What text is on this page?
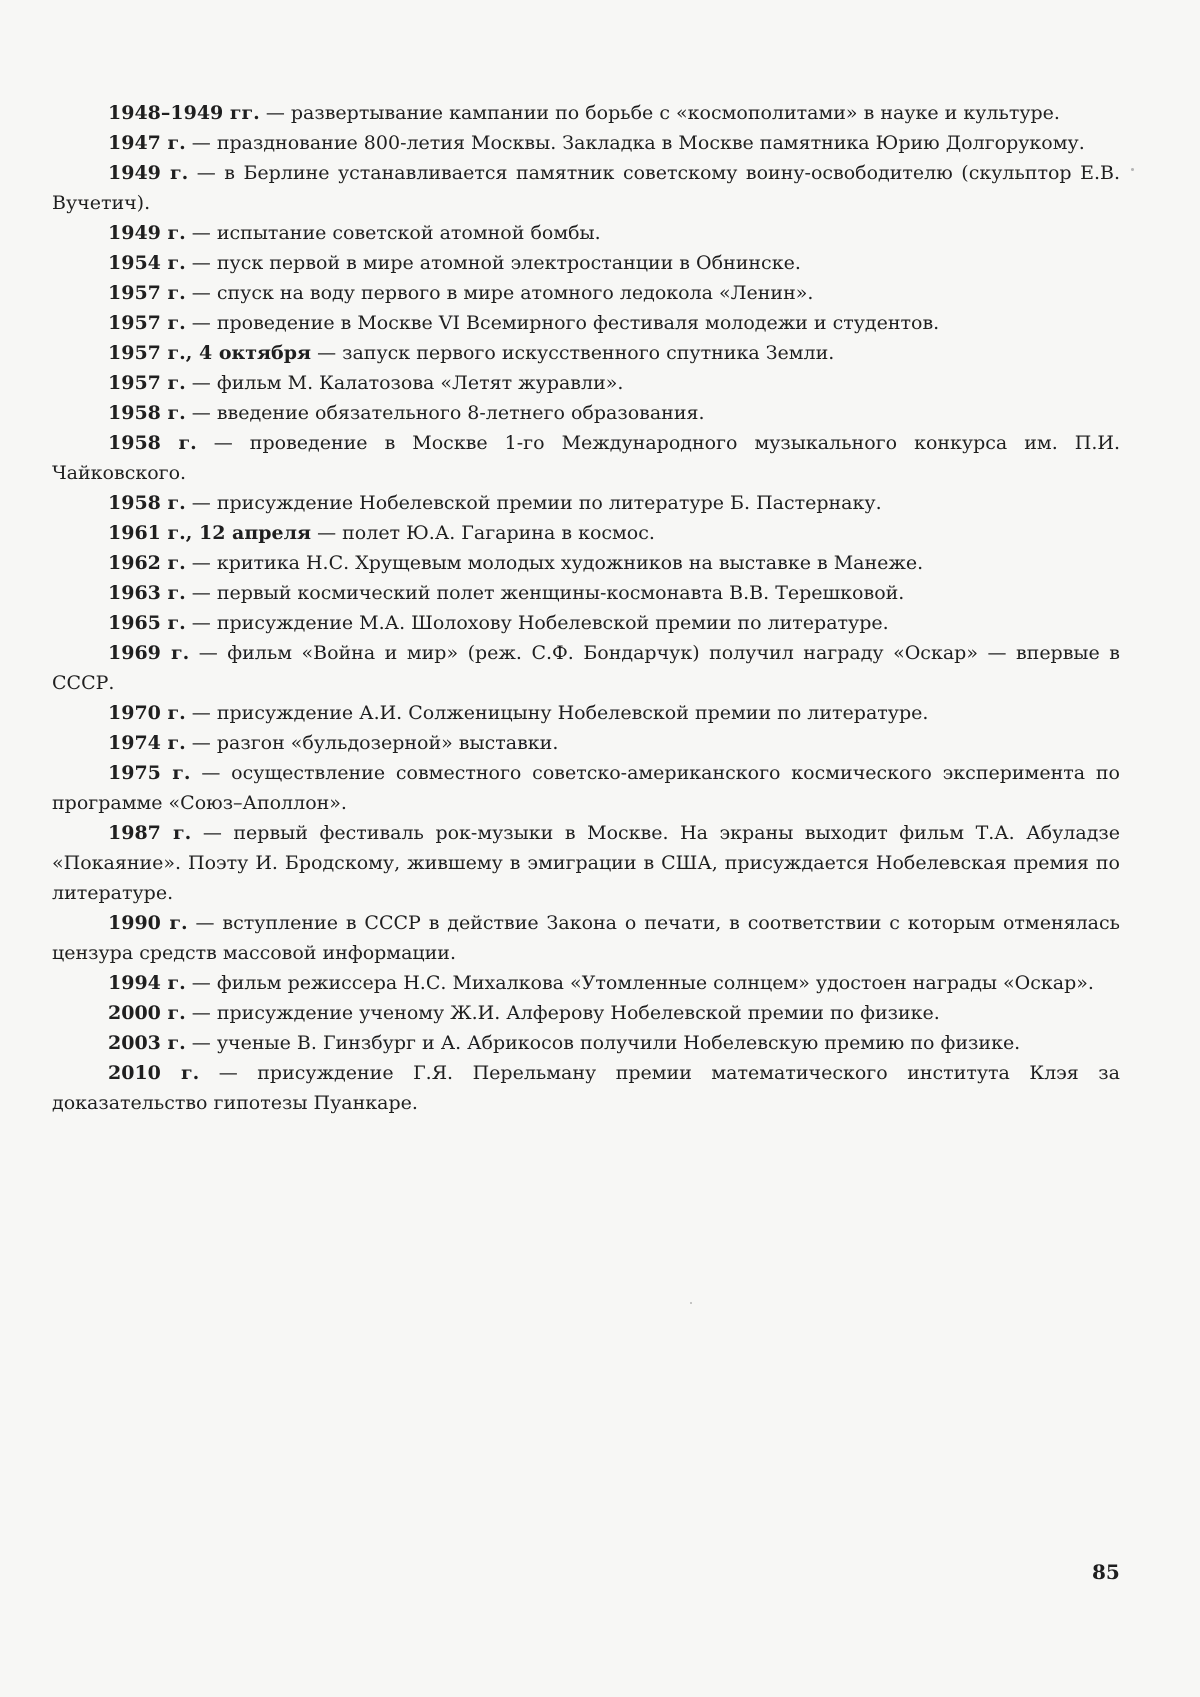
1948–1949 гг. — развертывание кампании по борьбе с «космополитами» в науке и культуре.

1947 г. — празднование 800-летия Москвы. Закладка в Москве памятника Юрию Долгорукому.

1949 г. — в Берлине устанавливается памятник советскому воину-освободителю (скульптор Е.В. Вучетич).

1949 г. — испытание советской атомной бомбы.

1954 г. — пуск первой в мире атомной электростанции в Обнинске.

1957 г. — спуск на воду первого в мире атомного ледокола «Ленин».

1957 г. — проведение в Москве VI Всемирного фестиваля молодежи и студентов.

1957 г., 4 октября — запуск первого искусственного спутника Земли.

1957 г. — фильм М. Калатозова «Летят журавли».

1958 г. — введение обязательного 8-летнего образования.

1958 г. — проведение в Москве 1-го Международного музыкального конкурса им. П.И. Чайковского.

1958 г. — присуждение Нобелевской премии по литературе Б. Пастернаку.

1961 г., 12 апреля — полет Ю.А. Гагарина в космос.

1962 г. — критика Н.С. Хрущевым молодых художников на выставке в Манеже.

1963 г. — первый космический полет женщины-космонавта В.В. Терешковой.

1965 г. — присуждение М.А. Шолохову Нобелевской премии по литературе.

1969 г. — фильм «Война и мир» (реж. С.Ф. Бондарчук) получил награду «Оскар» — впервые в СССР.

1970 г. — присуждение А.И. Солженицыну Нобелевской премии по литературе.

1974 г. — разгон «бульдозерной» выставки.

1975 г. — осуществление совместного советско-американского космического эксперимента по программе «Союз–Аполлон».

1987 г. — первый фестиваль рок-музыки в Москве. На экраны выходит фильм Т.А. Абуладзе «Покаяние». Поэту И. Бродскому, жившему в эмиграции в США, присуждается Нобелевская премия по литературе.

1990 г. — вступление в СССР в действие Закона о печати, в соответствии с которым отменялась цензура средств массовой информации.

1994 г. — фильм режиссера Н.С. Михалкова «Утомленные солнцем» удостоен награды «Оскар».

2000 г. — присуждение ученому Ж.И. Алферову Нобелевской премии по физике.

2003 г. — ученые В. Гинзбург и А. Абрикосов получили Нобелевскую премию по физике.

2010 г. — присуждение Г.Я. Перельману премии математического института Клэя за доказательство гипотезы Пуанкаре.

85
